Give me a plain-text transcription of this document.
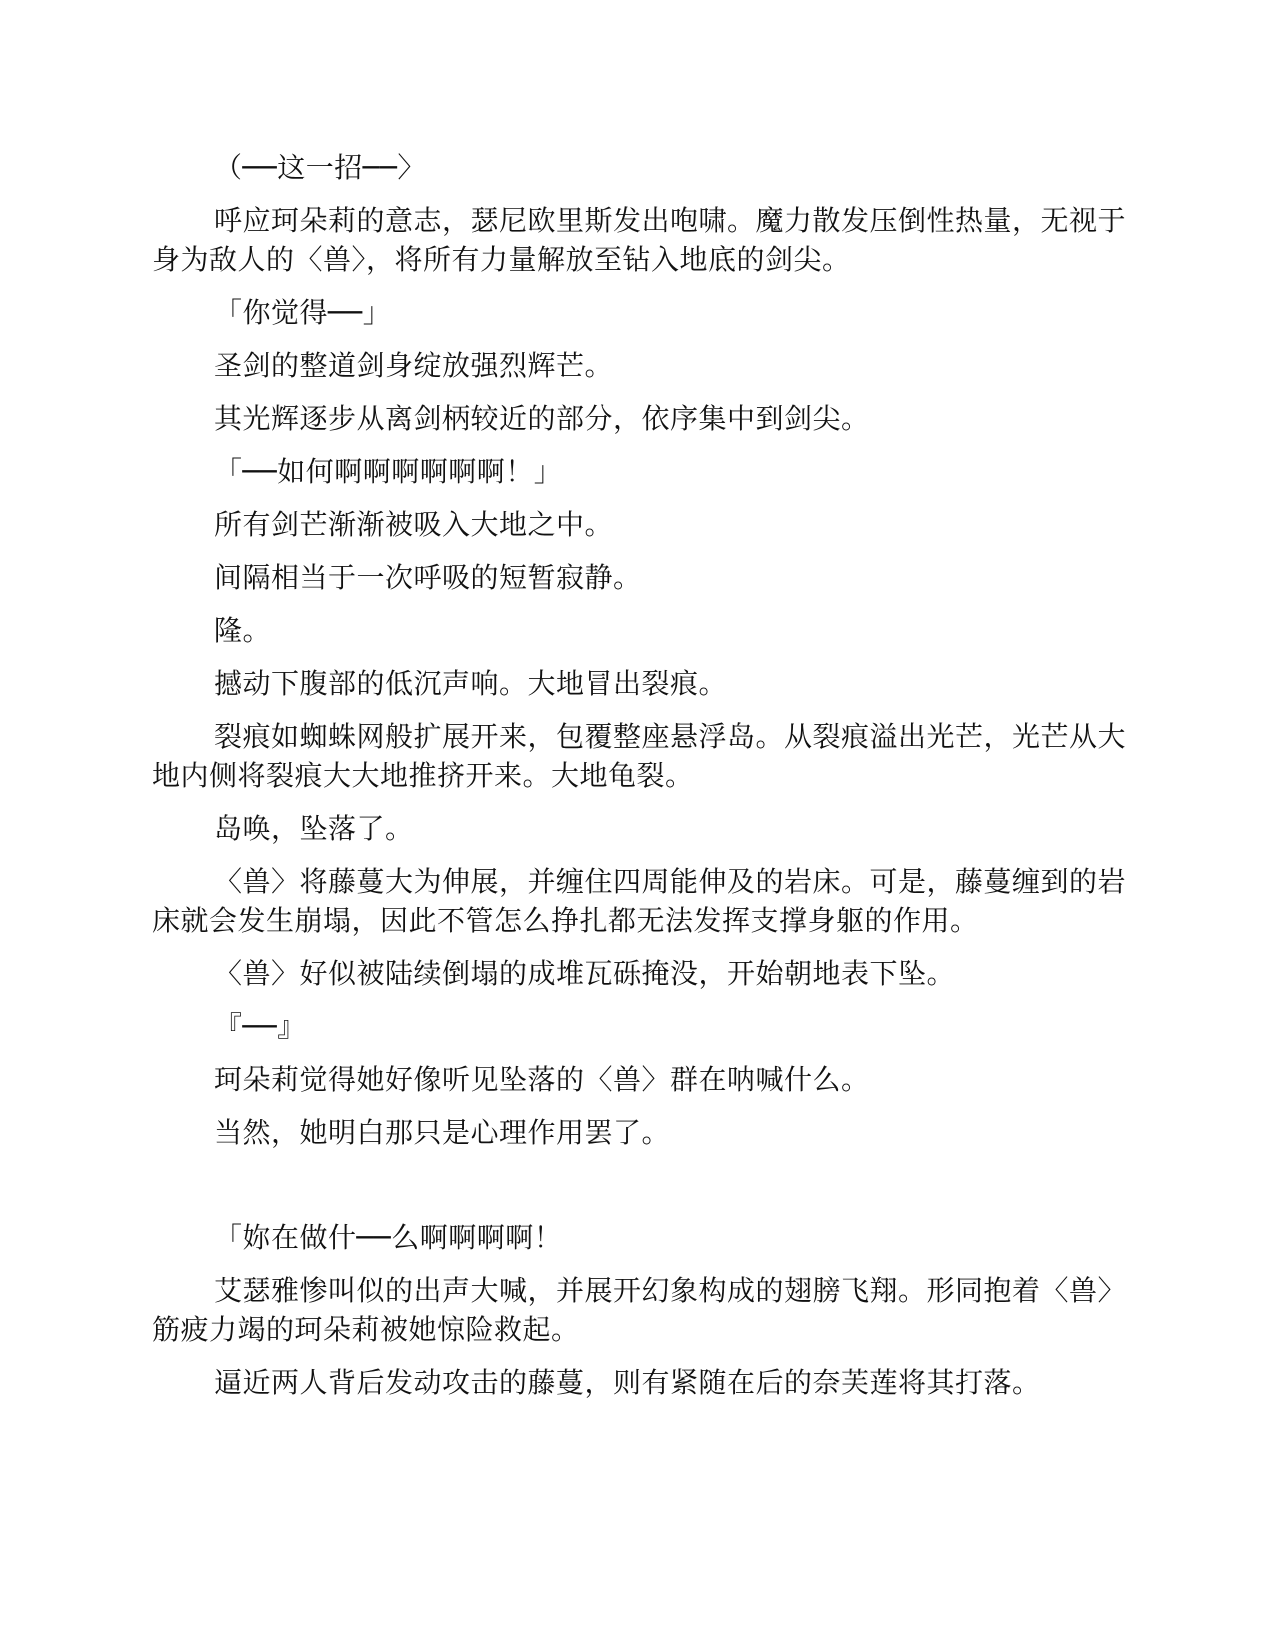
（──这一招──〉

呼应珂朵莉的意志，瑟尼欧里斯发出咆啸。魔力散发压倒性热量，无视于身为敌人的〈兽〉，将所有力量解放至钻入地底的剑尖。

「你觉得──」

圣剑的整道剑身绽放强烈辉芒。

其光辉逐步从离剑柄较近的部分，依序集中到剑尖。

「──如何啊啊啊啊啊啊！」

所有剑芒渐渐被吸入大地之中。

间隔相当于一次呼吸的短暂寂静。

隆。

撼动下腹部的低沉声响。大地冒出裂痕。

裂痕如蜘蛛网般扩展开来，包覆整座悬浮岛。从裂痕溢出光芒，光芒从大地内侧将裂痕大大地推挤开来。大地龟裂。

岛唤，坠落了。

〈兽〉将藤蔓大为伸展，并缠住四周能伸及的岩床。可是，藤蔓缠到的岩床就会发生崩塌，因此不管怎么挣扎都无法发挥支撑身躯的作用。

〈兽〉好似被陆续倒塌的成堆瓦砾掩没，开始朝地表下坠。

『──』

珂朵莉觉得她好像听见坠落的〈兽〉群在呐喊什么。

当然，她明白那只是心理作用罢了。

「妳在做什──么啊啊啊啊！

艾瑟雅惨叫似的出声大喊，并展开幻象构成的翅膀飞翔。形同抱着〈兽〉筋疲力竭的珂朵莉被她惊险救起。

逼近两人背后发动攻击的藤蔓，则有紧随在后的奈芙莲将其打落。
